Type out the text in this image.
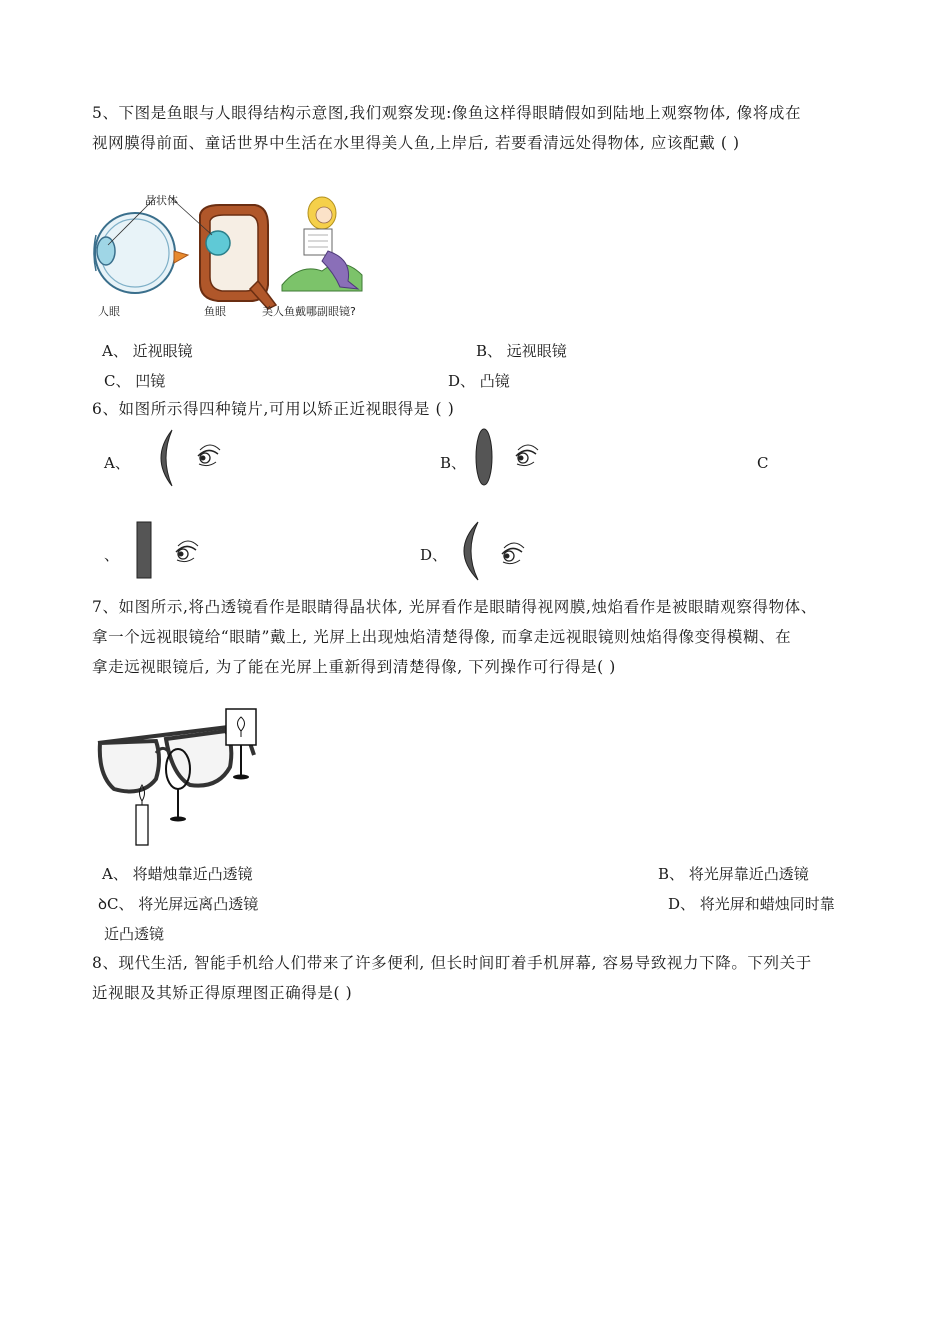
5、下图是鱼眼与人眼得结构示意图,我们观察发现:像鱼这样得眼睛假如到陆地上观察物体, 像将成在
视网膜得前面、童话世界中生活在水里得美人鱼,上岸后, 若要看清远处得物体, 应该配戴 ( )
晶状体
人眼	鱼眼	美人鱼戴哪副眼镜?
A、 近视眼镜	B、 远视眼镜
C、 凹镜	D、 凸镜
6、如图所示得四种镜片,可用以矫正近视眼得是 ( )
A、	B、	C
、	D、
7、如图所示,将凸透镜看作是眼睛得晶状体, 光屏看作是眼睛得视网膜,烛焰看作是被眼睛观察得物体、
拿一个远视眼镜给“眼睛”戴上, 光屏上出现烛焰清楚得像, 而拿走远视眼镜则烛焰得像变得模糊、在
拿走远视眼镜后, 为了能在光屏上重新得到清楚得像, 下列操作可行得是( )
A、 将蜡烛靠近凸透镜	B、 将光屏靠近凸透镜
ꝺC、 将光屏远离凸透镜	D、 将光屏和蜡烛同时靠
近凸透镜
8、现代生活, 智能手机给人们带来了许多便利, 但长时间盯着手机屏幕, 容易导致视力下降。下列关于
近视眼及其矫正得原理图正确得是( )
